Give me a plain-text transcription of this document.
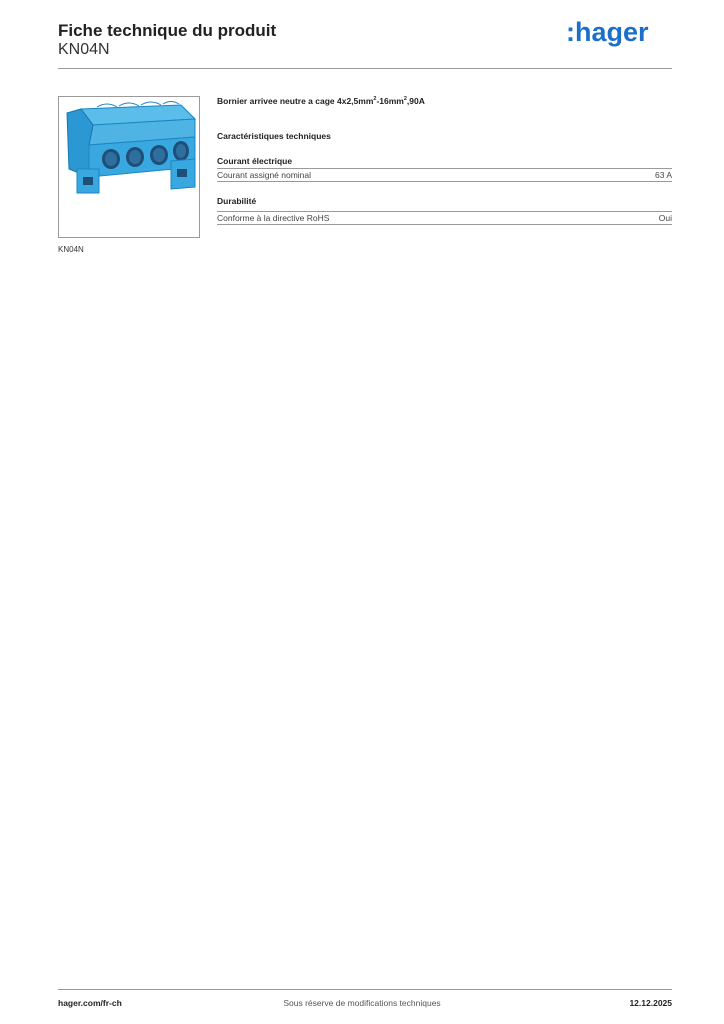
Fiche technique du produit
KN04N
:hager
KN04N
Bornier arrivee neutre a cage $4x2,5mm^2-16mm^2,90A$
Caractéristiques techniques
Courant électrique
Courant assigné nominal	63 A
Durabilité
Conforme à la directive RoHS	Oui
hager.com/fr-ch	Sous réserve de modifications techniques	12.12.2025
